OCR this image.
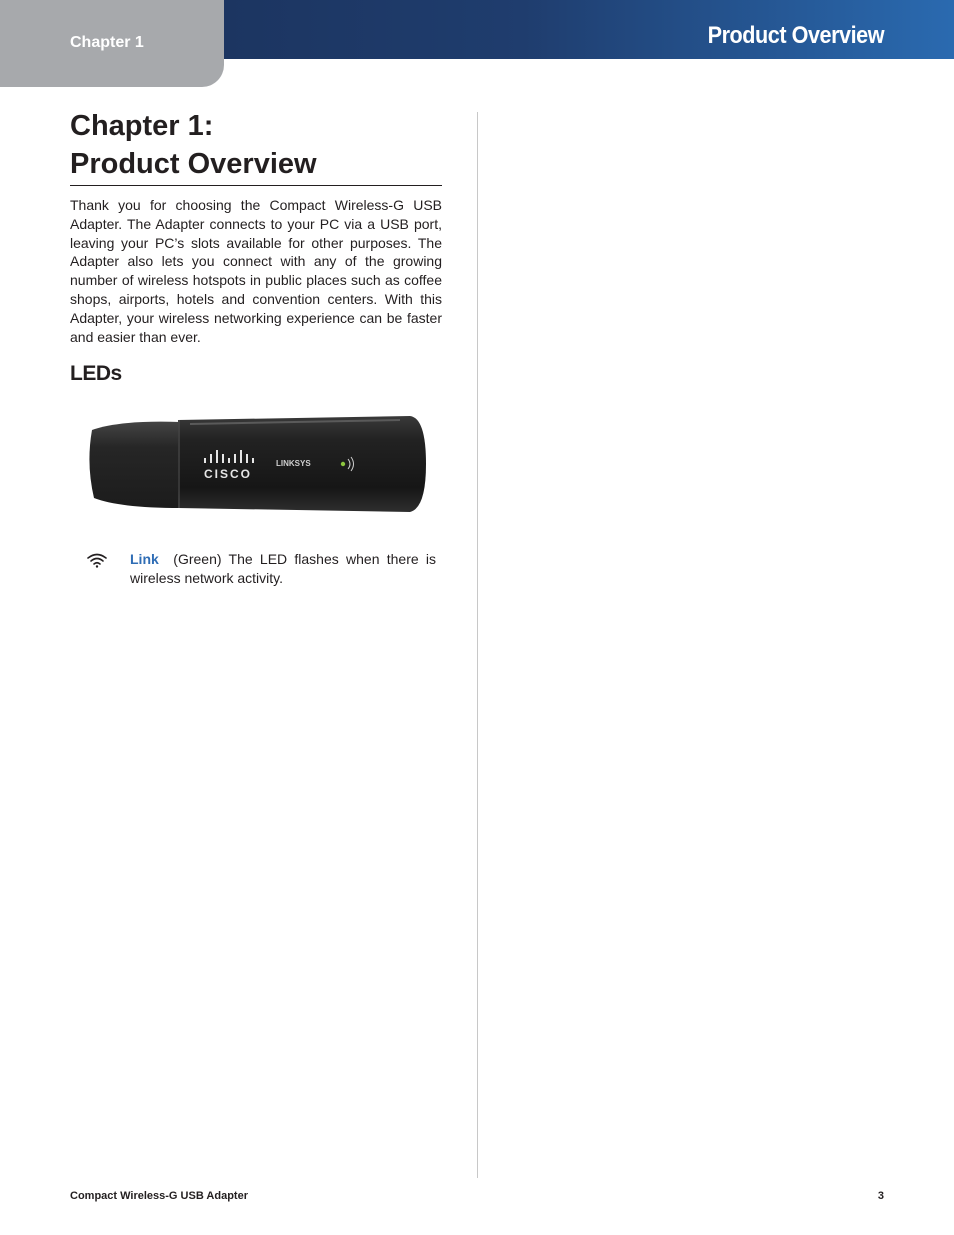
Product Overview
Chapter 1
Chapter 1:
Product Overview

Thank you for choosing the Compact Wireless-G USB Adapter. The Adapter connects to your PC via a USB port, leaving your PC’s slots available for other purposes. The Adapter also lets you connect with any of the growing number of wireless hotspots in public places such as coffee shops, airports, hotels and convention centers. With this Adapter, your wireless networking experience can be faster and easier than ever.

LEDs
CISCO
LINKSYS

Link (Green) The LED flashes when there is wireless network activity.

Compact Wireless-G USB Adapter	3
